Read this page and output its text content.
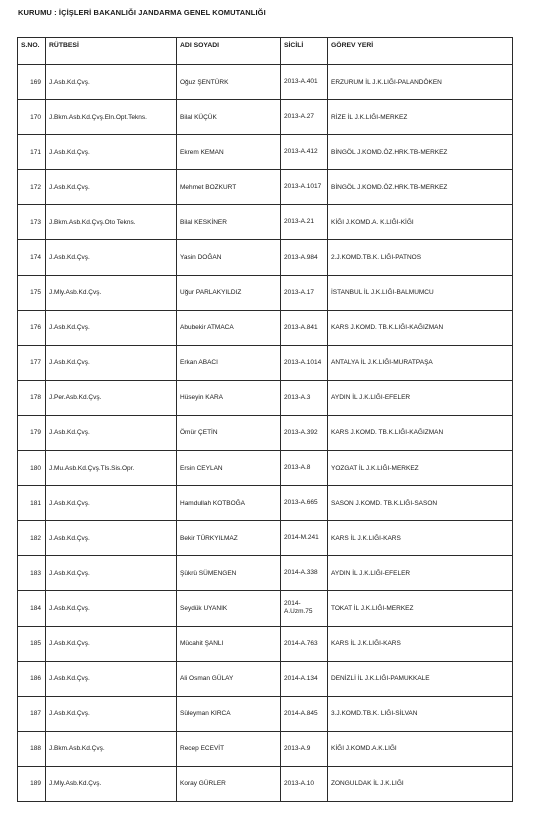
KURUMU : İÇİŞLERİ BAKANLIĞI JANDARMA GENEL KOMUTANLIĞI
S.NO.	RÜTBESİ	ADI SOYADI	SİCİLİ	GÖREV YERİ
169	J.Asb.Kd.Çvş.	Oğuz ŞENTÜRK	2013-A.401	ERZURUM İL J.K.LIĞI-PALANDÖKEN
170	J.Bkm.Asb.Kd.Çvş.Eln.Opt.Tekns.	Bilal KÜÇÜK	2013-A.27	RİZE İL J.K.LIĞI-MERKEZ
171	J.Asb.Kd.Çvş.	Ekrem KEMAN	2013-A.412	BİNGÖL J.KOMD.ÖZ.HRK.TB-MERKEZ
172	J.Asb.Kd.Çvş.	Mehmet BOZKURT	2013-A.1017	BİNGÖL J.KOMD.ÖZ.HRK.TB-MERKEZ
173	J.Bkm.Asb.Kd.Çvş.Oto Tekns.	Bilal KESKİNER	2013-A.21	KİĞI J.KOMD.A. K.LIĞI-KİĞI
174	J.Asb.Kd.Çvş.	Yasin DOĞAN	2013-A.984	2.J.KOMD.TB.K. LIĞI-PATNOS
175	J.Mly.Asb.Kd.Çvş.	Uğur PARLAKYILDIZ	2013-A.17	İSTANBUL İL J.K.LIĞI-BALMUMCU
176	J.Asb.Kd.Çvş.	Abubekir ATMACA	2013-A.841	KARS J.KOMD. TB.K.LIĞI-KAĞIZMAN
177	J.Asb.Kd.Çvş.	Erkan ABACI	2013-A.1014	ANTALYA İL J.K.LIĞI-MURATPAŞA
178	J.Per.Asb.Kd.Çvş.	Hüseyin KARA	2013-A.3	AYDIN İL J.K.LIĞI-EFELER
179	J.Asb.Kd.Çvş.	Ömür ÇETİN	2013-A.392	KARS J.KOMD. TB.K.LIĞI-KAĞIZMAN
180	J.Mu.Asb.Kd.Çvş.Tls.Sis.Opr.	Ersin CEYLAN	2013-A.8	YOZGAT İL J.K.LIĞI-MERKEZ
181	J.Asb.Kd.Çvş.	Hamdullah KOTBOĞA	2013-A.665	SASON J.KOMD. TB.K.LIĞI-SASON
182	J.Asb.Kd.Çvş.	Bekir TÜRKYILMAZ	2014-M.241	KARS İL J.K.LIĞI-KARS
183	J.Asb.Kd.Çvş.	Şükrü SÜMENGEN	2014-A.338	AYDIN İL J.K.LIĞI-EFELER
184	J.Asb.Kd.Çvş.	Seydük UYANIK	2014-A.Uzm.75	TOKAT İL J.K.LIĞI-MERKEZ
185	J.Asb.Kd.Çvş.	Mücahit ŞANLI	2014-A.763	KARS İL J.K.LIĞI-KARS
186	J.Asb.Kd.Çvş.	Ali Osman GÜLAY	2014-A.134	DENİZLİ İL J.K.LIĞI-PAMUKKALE
187	J.Asb.Kd.Çvş.	Süleyman KIRCA	2014-A.845	3.J.KOMD.TB.K. LIĞI-SİLVAN
188	J.Bkm.Asb.Kd.Çvş.	Recep ECEVİT	2013-A.9	KİĞI J.KOMD.A.K.LIĞI
189	J.Mly.Asb.Kd.Çvş.	Koray GÜRLER	2013-A.10	ZONGULDAK İL J.K.LIĞI
